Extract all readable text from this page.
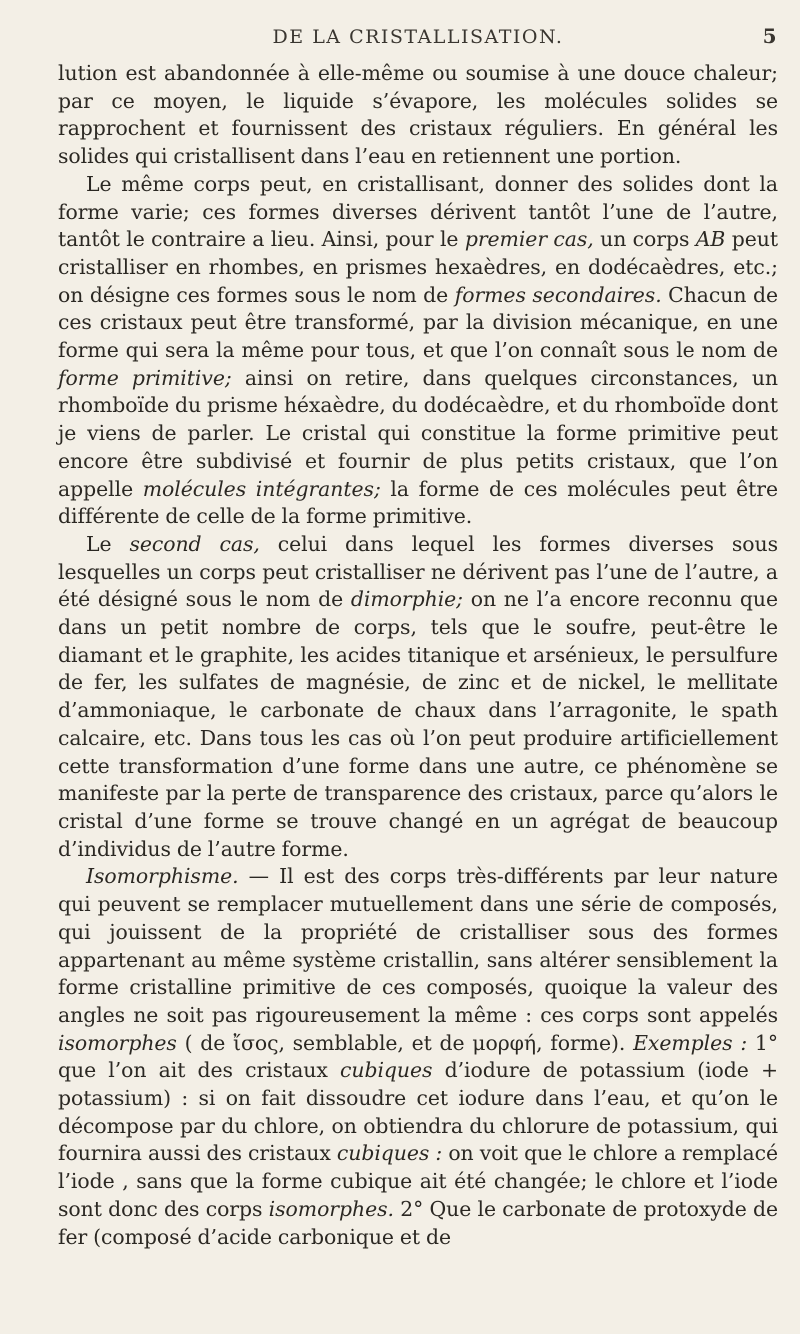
DE LA CRISTALLISATION.	5

lution est abandonnée à elle-même ou soumise à une douce chaleur; par ce moyen, le liquide s’évapore, les molécules solides se rapprochent et fournissent des cristaux réguliers. En général les solides qui cristallisent dans l’eau en retiennent une portion.

Le même corps peut, en cristallisant, donner des solides dont la forme varie; ces formes diverses dérivent tantôt l’une de l’autre, tantôt le contraire a lieu. Ainsi, pour le premier cas, un corps AB peut cristalliser en rhombes, en prismes hexaèdres, en dodécaèdres, etc.; on désigne ces formes sous le nom de formes secondaires. Chacun de ces cristaux peut être transformé, par la division mécanique, en une forme qui sera la même pour tous, et que l’on connaît sous le nom de forme primitive; ainsi on retire, dans quelques circonstances, un rhomboïde du prisme héxaèdre, du dodécaèdre, et du rhomboïde dont je viens de parler. Le cristal qui constitue la forme primitive peut encore être subdivisé et fournir de plus petits cristaux, que l’on appelle molécules intégrantes; la forme de ces molécules peut être différente de celle de la forme primitive.

Le second cas, celui dans lequel les formes diverses sous lesquelles un corps peut cristalliser ne dérivent pas l’une de l’autre, a été désigné sous le nom de dimorphie; on ne l’a encore reconnu que dans un petit nombre de corps, tels que le soufre, peut-être le diamant et le graphite, les acides titanique et arsénieux, le persulfure de fer, les sulfates de magnésie, de zinc et de nickel, le mellitate d’ammoniaque, le carbonate de chaux dans l’arragonite, le spath calcaire, etc. Dans tous les cas où l’on peut produire artificiellement cette transformation d’une forme dans une autre, ce phénomène se manifeste par la perte de transparence des cristaux, parce qu’alors le cristal d’une forme se trouve changé en un agrégat de beaucoup d’individus de l’autre forme.

Isomorphisme. — Il est des corps très-différents par leur nature qui peuvent se remplacer mutuellement dans une série de composés, qui jouissent de la propriété de cristalliser sous des formes appartenant au même système cristallin, sans altérer sensiblement la forme cristalline primitive de ces composés, quoique la valeur des angles ne soit pas rigoureusement la même : ces corps sont appelés isomorphes ( de ἴσος, semblable, et de μορφή, forme). Exemples : 1° que l’on ait des cristaux cubiques d’iodure de potassium (iode + potassium) : si on fait dissoudre cet iodure dans l’eau, et qu’on le décompose par du chlore, on obtiendra du chlorure de potassium, qui fournira aussi des cristaux cubiques : on voit que le chlore a remplacé l’iode , sans que la forme cubique ait été changée; le chlore et l’iode sont donc des corps isomorphes. 2° Que le carbonate de protoxyde de fer (composé d’acide carbonique et de
